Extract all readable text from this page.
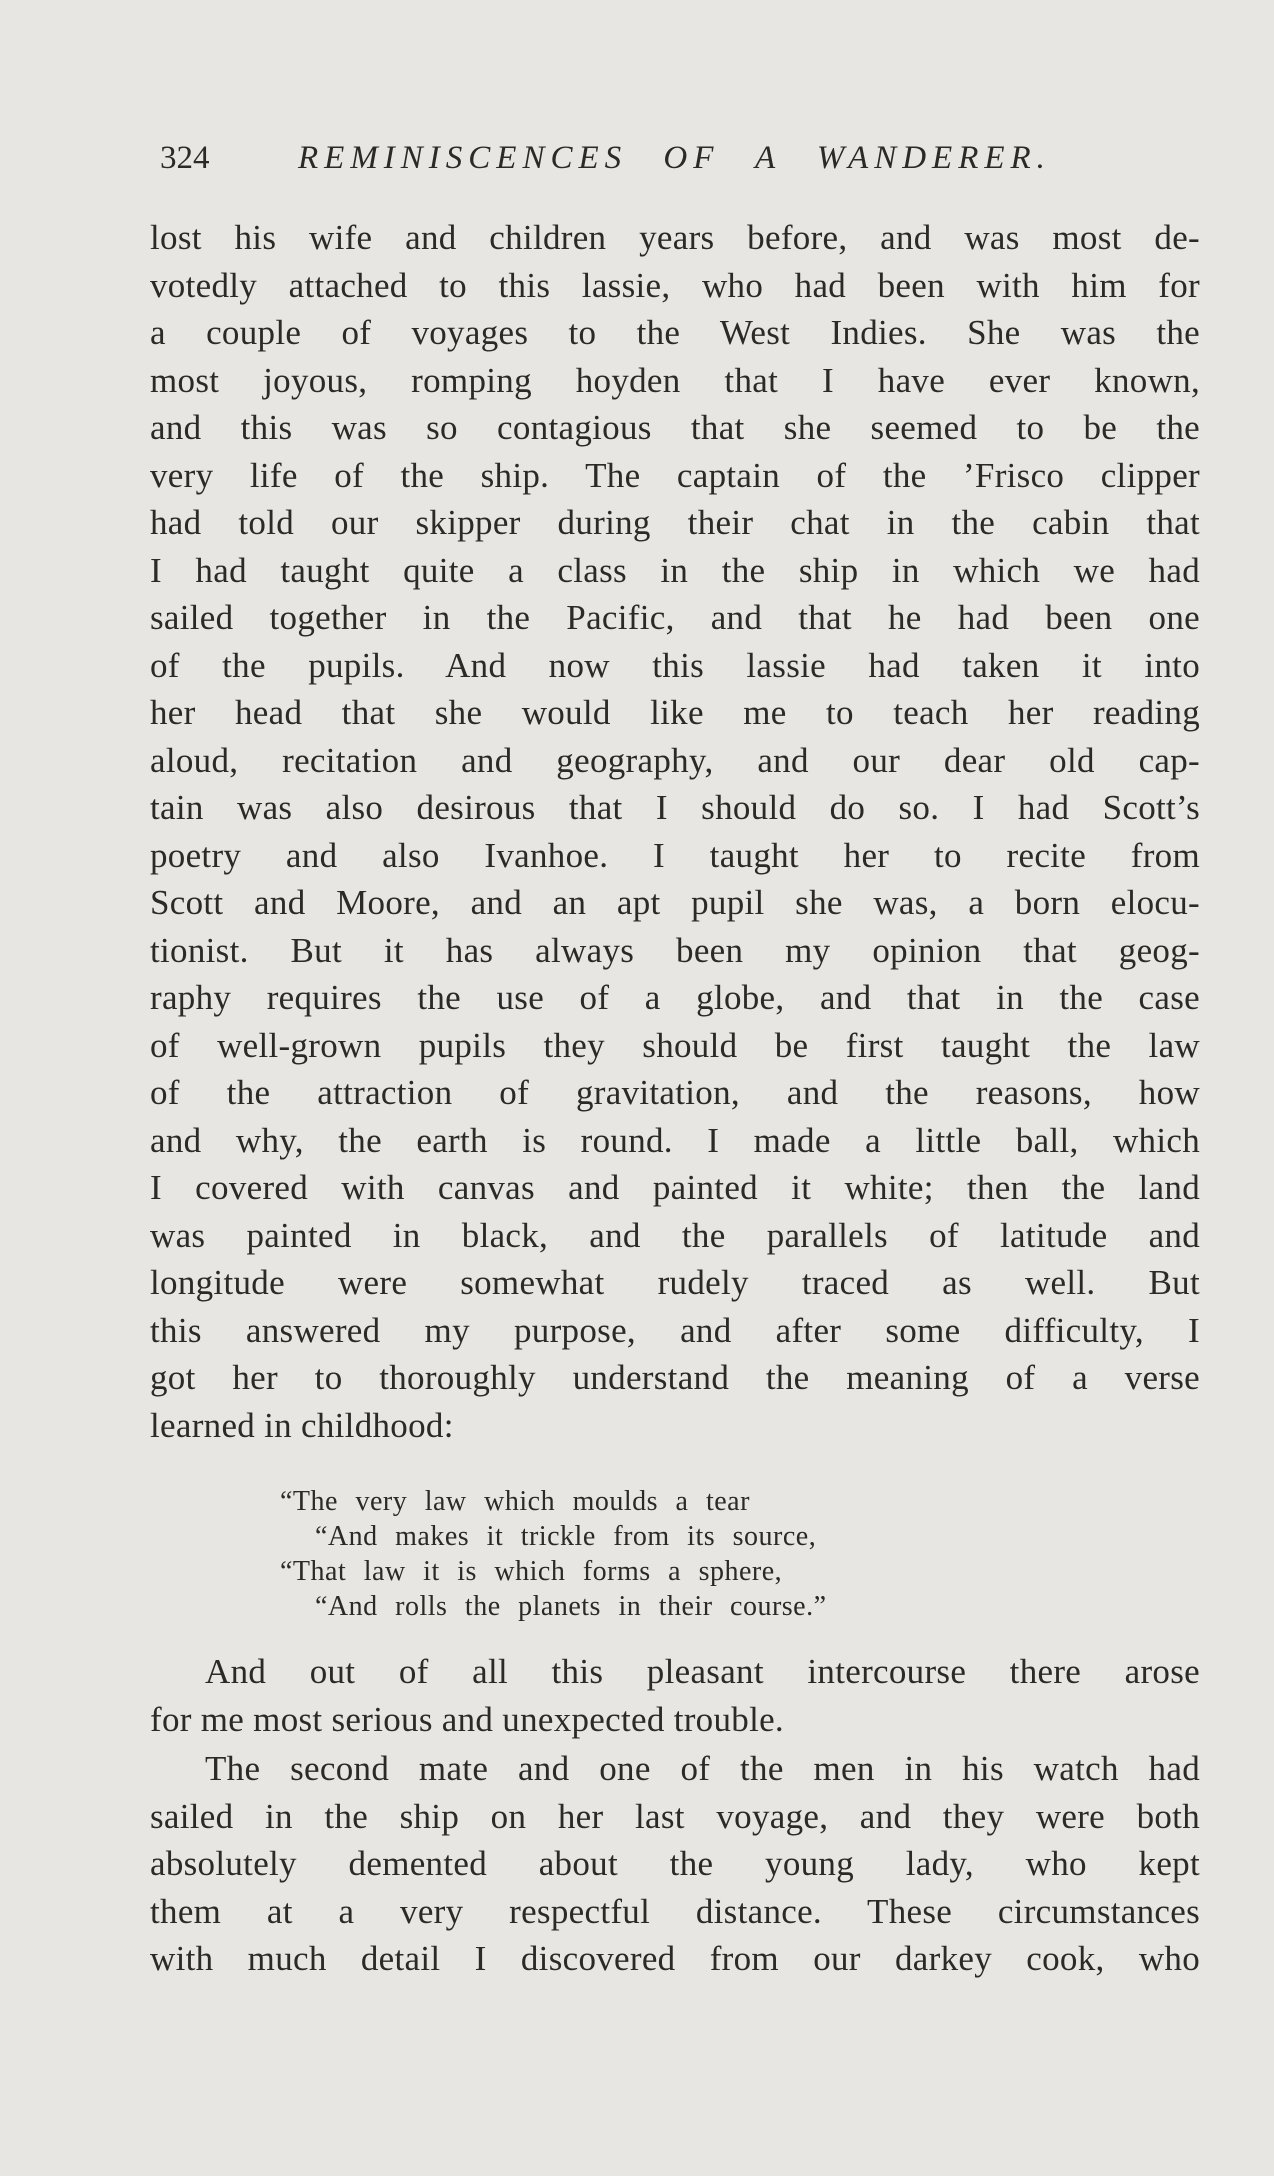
324	REMINISCENCES OF A WANDERER.
lost his wife and children years before, and was most de-
votedly attached to this lassie, who had been with him for
a couple of voyages to the West Indies. She was the
most joyous, romping hoyden that I have ever known,
and this was so contagious that she seemed to be the
very life of the ship. The captain of the ’Frisco clipper
had told our skipper during their chat in the cabin that
I had taught quite a class in the ship in which we had
sailed together in the Pacific, and that he had been one
of the pupils. And now this lassie had taken it into
her head that she would like me to teach her reading
aloud, recitation and geography, and our dear old cap-
tain was also desirous that I should do so. I had Scott’s
poetry and also Ivanhoe. I taught her to recite from
Scott and Moore, and an apt pupil she was, a born elocu-
tionist. But it has always been my opinion that geog-
raphy requires the use of a globe, and that in the case
of well-grown pupils they should be first taught the law
of the attraction of gravitation, and the reasons, how
and why, the earth is round. I made a little ball, which
I covered with canvas and painted it white; then the land
was painted in black, and the parallels of latitude and
longitude were somewhat rudely traced as well. But
this answered my purpose, and after some difficulty, I
got her to thoroughly understand the meaning of a verse
learned in childhood:
“The very law which moulds a tear
“And makes it trickle from its source,
“That law it is which forms a sphere,
“And rolls the planets in their course.”
And out of all this pleasant intercourse there arose
for me most serious and unexpected trouble.
The second mate and one of the men in his watch had
sailed in the ship on her last voyage, and they were both
absolutely demented about the young lady, who kept
them at a very respectful distance. These circumstances
with much detail I discovered from our darkey cook, who
